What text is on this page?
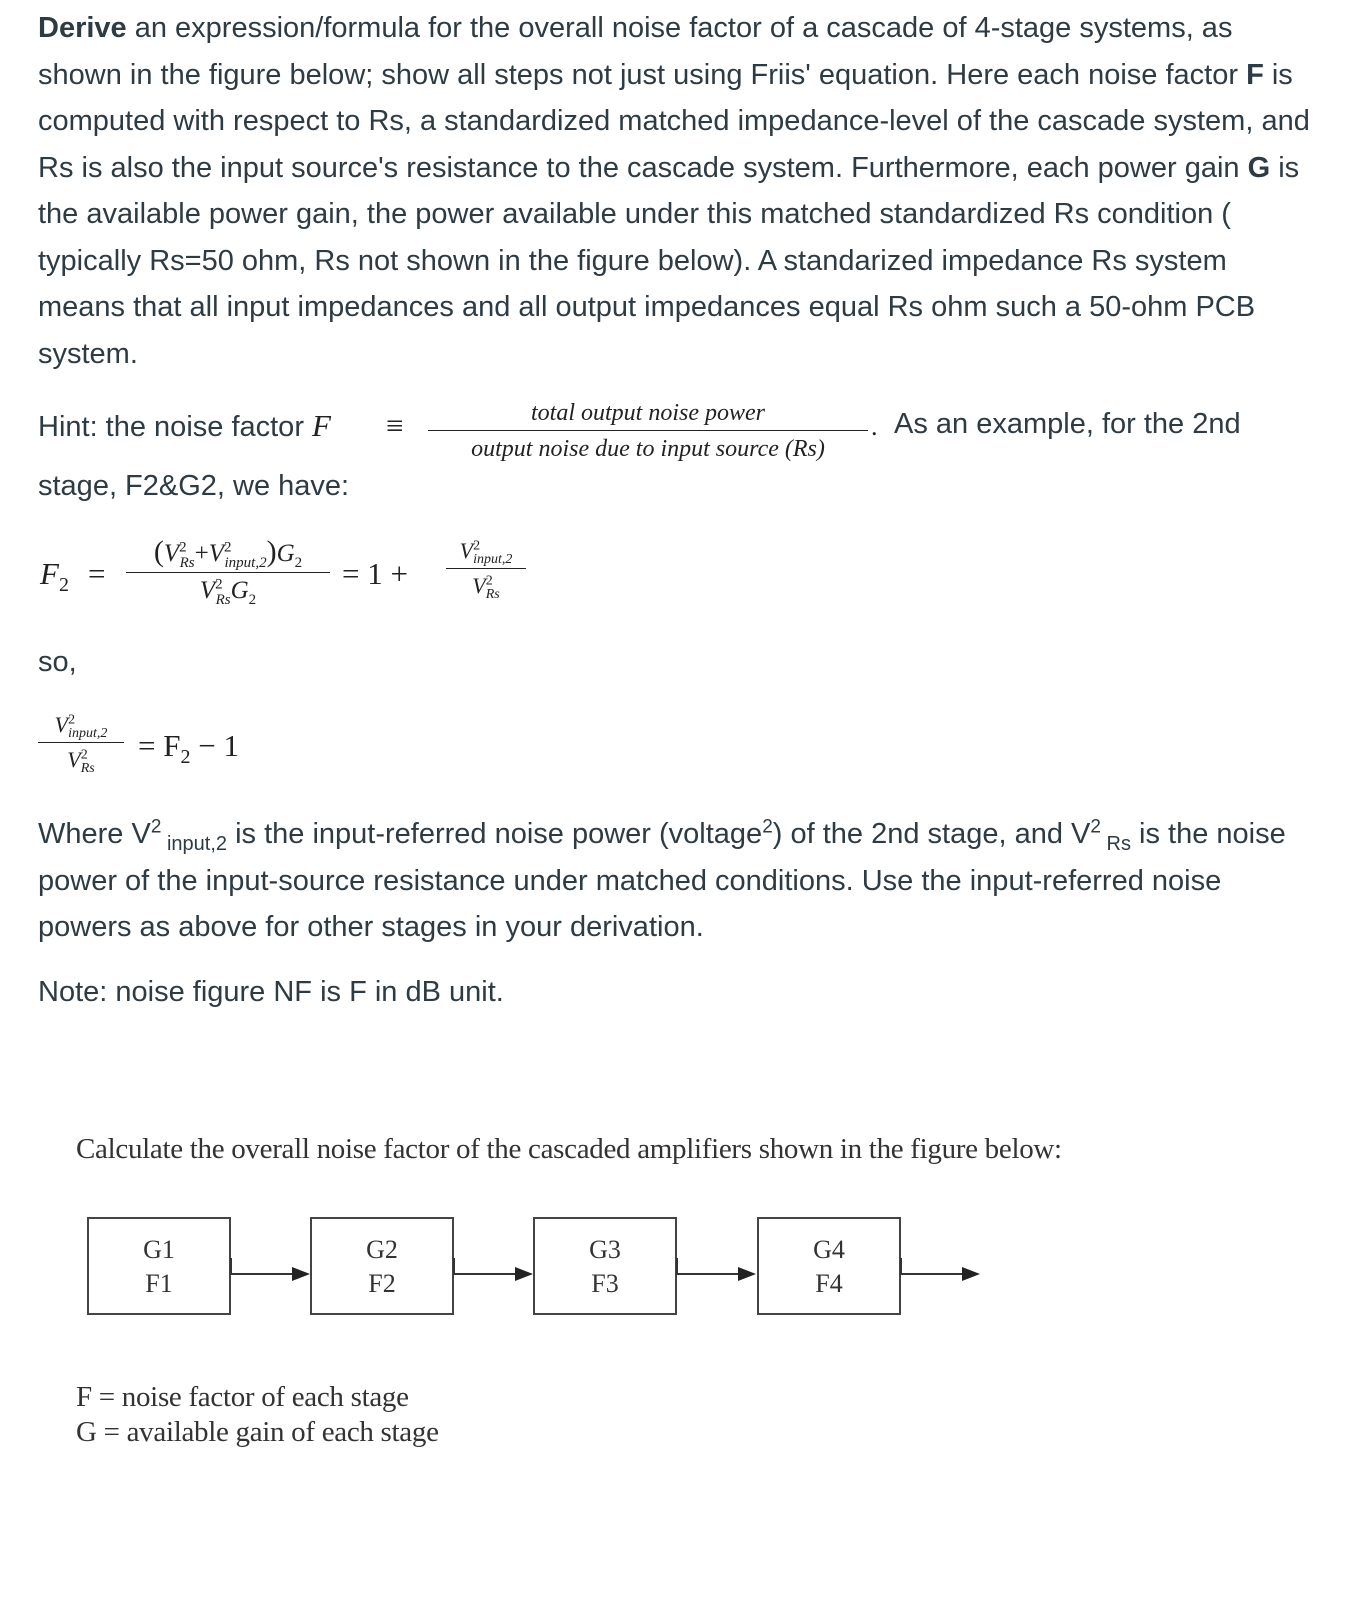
Derive an expression/formula for the overall noise factor of a cascade of 4-stage systems, as shown in the figure below; show all steps not just using Friis' equation. Here each noise factor F is computed with respect to Rs, a standardized matched impedance-level of the cascade system, and Rs is also the input source's resistance to the cascade system. Furthermore, each power gain G is the available power gain, the power available under this matched standardized Rs condition ( typically Rs=50 ohm, Rs not shown in the figure below). A standarized impedance Rs system means that all input impedances and all output impedances equal Rs ohm such a 50-ohm PCB system.
Hint: the noise factor F ≡	total output noise power
output noise due to input source (Rs)
. As an example, for the 2nd
stage, F2&G2, we have:
$F_2$ =
$(V^2_{Rs}+V^2_{input,2})G_2$
$V^2_{Rs}G_2$
= 1 +
$V^2_{input,2}$
$V^2_{Rs}$
so,
$V^2_{input,2}$
$V^2_{Rs}$
= $F_2 - 1$
Where $V^2$ $_{input,2}$ is the input-referred noise power (voltage$^2$) of the 2nd stage, and $V^2$ $_{Rs}$ is the noise power of the input-source resistance under matched conditions. Use the input-referred noise powers as above for other stages in your derivation.
Note: noise figure NF is F in dB unit.
Calculate the overall noise factor of the cascaded amplifiers shown in the figure below:
G1
F1
G2
F2
G3
F3
G4
F4
F = noise factor of each stage
G = available gain of each stage
